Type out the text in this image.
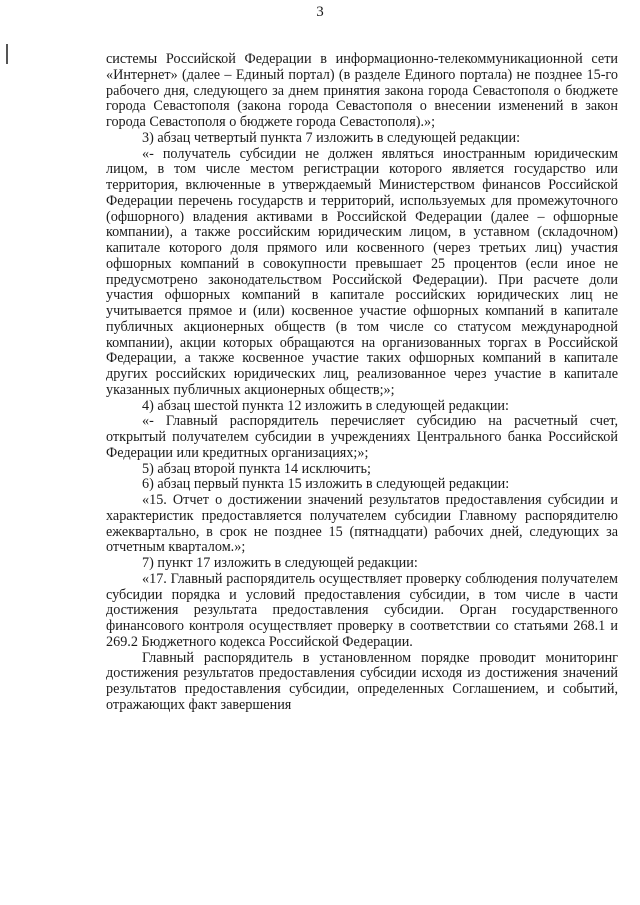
3

системы Российской Федерации в информационно-телекоммуникационной сети «Интернет» (далее – Единый портал) (в разделе Единого портала) не позднее 15-го рабочего дня, следующего за днем принятия закона города Севастополя о бюджете города Севастополя (закона города Севастополя о внесении изменений в закон города Севастополя о бюджете города Севастополя).»;

3) абзац четвертый пункта 7 изложить в следующей редакции:

«- получатель субсидии не должен являться иностранным юридическим лицом, в том числе местом регистрации которого является государство или территория, включенные в утверждаемый Министерством финансов Российской Федерации перечень государств и территорий, используемых для промежуточного (офшорного) владения активами в Российской Федерации (далее – офшорные компании), а также российским юридическим лицом, в уставном (складочном) капитале которого доля прямого или косвенного (через третьих лиц) участия офшорных компаний в совокупности превышает 25 процентов (если иное не предусмотрено законодательством Российской Федерации). При расчете доли участия офшорных компаний в капитале российских юридических лиц не учитывается прямое и (или) косвенное участие офшорных компаний в капитале публичных акционерных обществ (в том числе со статусом международной компании), акции которых обращаются на организованных торгах в Российской Федерации, а также косвенное участие таких офшорных компаний в капитале других российских юридических лиц, реализованное через участие в капитале указанных публичных акционерных обществ;»;

4) абзац шестой пункта 12 изложить в следующей редакции:

«- Главный распорядитель перечисляет субсидию на расчетный счет, открытый получателем субсидии в учреждениях Центрального банка Российской Федерации или кредитных организациях;»;

5) абзац второй пункта 14 исключить;

6) абзац первый пункта 15 изложить в следующей редакции:

«15. Отчет о достижении значений результатов предоставления субсидии и характеристик предоставляется получателем субсидии Главному распорядителю ежеквартально, в срок не позднее 15 (пятнадцати) рабочих дней, следующих за отчетным кварталом.»;

7) пункт 17 изложить в следующей редакции:

«17. Главный распорядитель осуществляет проверку соблюдения получателем субсидии порядка и условий предоставления субсидии, в том числе в части достижения результата предоставления субсидии. Орган государственного финансового контроля осуществляет проверку в соответствии со статьями 268.1 и 269.2 Бюджетного кодекса Российской Федерации.

Главный распорядитель в установленном порядке проводит мониторинг достижения результатов предоставления субсидии исходя из достижения значений результатов предоставления субсидии, определенных Соглашением, и событий, отражающих факт завершения
